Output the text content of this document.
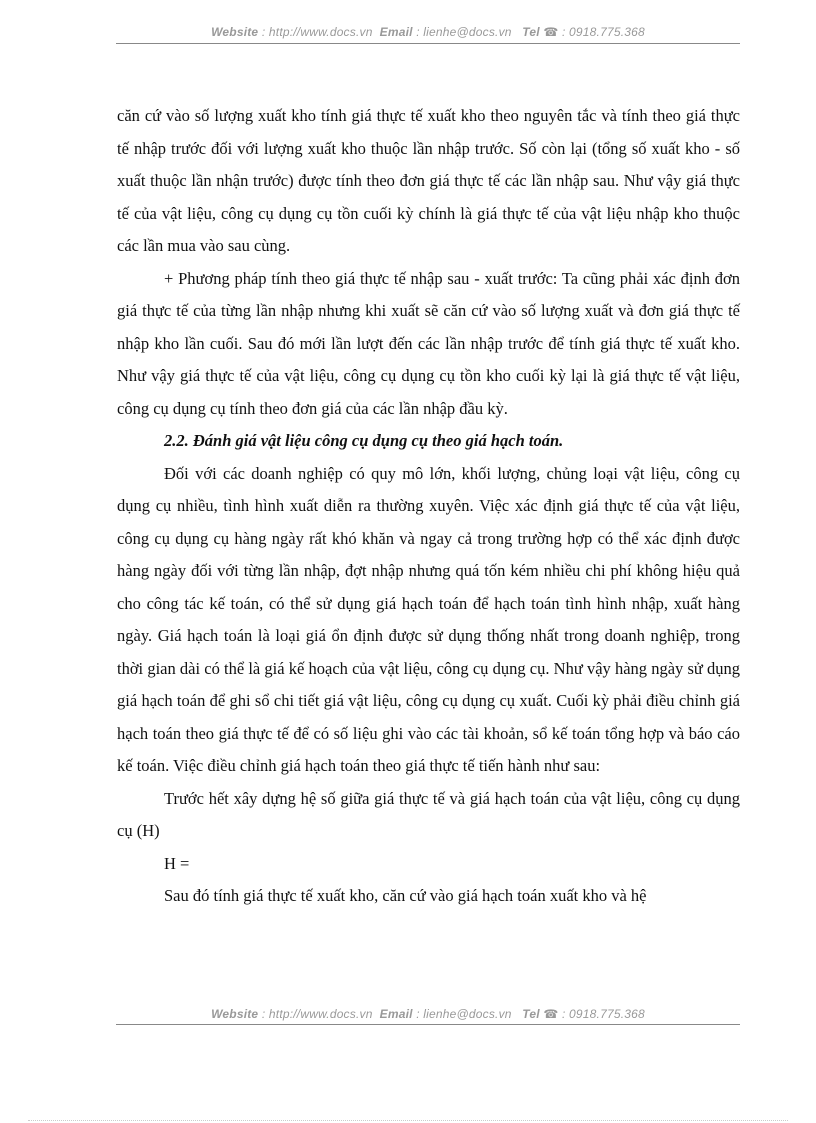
Website : http://www.docs.vn Email : lienhe@docs.vn Tel ☎ : 0918.775.368

căn cứ vào số lượng xuất kho tính giá thực tế xuất kho theo nguyên tắc và tính theo giá thực tế nhập trước đối với lượng xuất kho thuộc lần nhập trước. Số còn lại (tổng số xuất kho - số xuất thuộc lần nhận trước) được tính theo đơn giá thực tế các lần nhập sau. Như vậy giá thực tế của vật liệu, công cụ dụng cụ tồn cuối kỳ chính là giá thực tế của vật liệu nhập kho thuộc các lần mua vào sau cùng.

+ Phương pháp tính theo giá thực tế nhập sau - xuất trước: Ta cũng phải xác định đơn giá thực tế của từng lần nhập nhưng khi xuất sẽ căn cứ vào số lượng xuất và đơn giá thực tế nhập kho lần cuối. Sau đó mới lần lượt đến các lần nhập trước để tính giá thực tế xuất kho. Như vậy giá thực tế của vật liệu, công cụ dụng cụ tồn kho cuối kỳ lại là giá thực tế vật liệu, công cụ dụng cụ tính theo đơn giá của các lần nhập đầu kỳ.

2.2. Đánh giá vật liệu công cụ dụng cụ theo giá hạch toán.

Đối với các doanh nghiệp có quy mô lớn, khối lượng, chủng loại vật liệu, công cụ dụng cụ nhiều, tình hình xuất diễn ra thường xuyên. Việc xác định giá thực tế của vật liệu, công cụ dụng cụ hàng ngày rất khó khăn và ngay cả trong trường hợp có thể xác định được hàng ngày đối với từng lần nhập, đợt nhập nhưng quá tốn kém nhiều chi phí không hiệu quả cho công tác kế toán, có thể sử dụng giá hạch toán để hạch toán tình hình nhập, xuất hàng ngày. Giá hạch toán là loại giá ổn định được sử dụng thống nhất trong doanh nghiệp, trong thời gian dài có thể là giá kế hoạch của vật liệu, công cụ dụng cụ. Như vậy hàng ngày sử dụng giá hạch toán để ghi sổ chi tiết giá vật liệu, công cụ dụng cụ xuất. Cuối kỳ phải điều chỉnh giá hạch toán theo giá thực tế để có số liệu ghi vào các tài khoản, sổ kế toán tổng hợp và báo cáo kế toán. Việc điều chỉnh giá hạch toán theo giá thực tế tiến hành như sau:

Trước hết xây dựng hệ số giữa giá thực tế và giá hạch toán của vật liệu, công cụ dụng cụ (H)

H =

Sau đó tính giá thực tế xuất kho, căn cứ vào giá hạch toán xuất kho và hệ

Website : http://www.docs.vn Email : lienhe@docs.vn Tel ☎ : 0918.775.368
